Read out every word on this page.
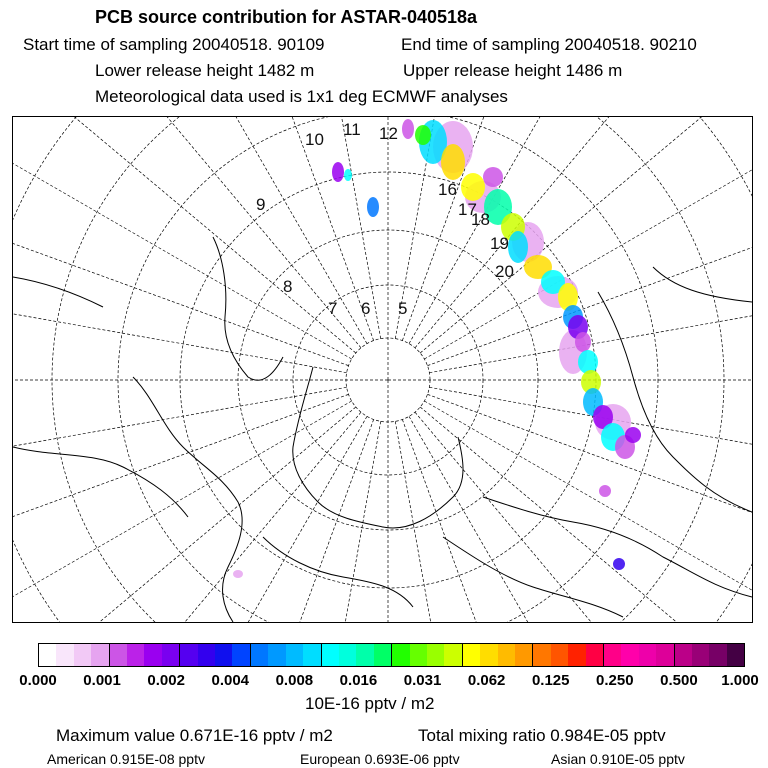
PCB source contribution for ASTAR-040518a
Start time of sampling 20040518. 90109	End time of sampling 20040518. 90210
Lower release height 1482 m	Upper release height 1486 m
Meteorological data used is 1x1 deg ECMWF analyses
10
11 12
16
17
18
19
20
9
8
7 6 5
0.000 0.001 0.002 0.004 0.008 0.016 0.031 0.062 0.125 0.250 0.500 1.000
10E-16 pptv / m2
Maximum value 0.671E-16 pptv / m2	Total mixing ratio 0.984E-05 pptv
American 0.915E-08 pptv	European 0.693E-06 pptv	Asian 0.910E-05 pptv
